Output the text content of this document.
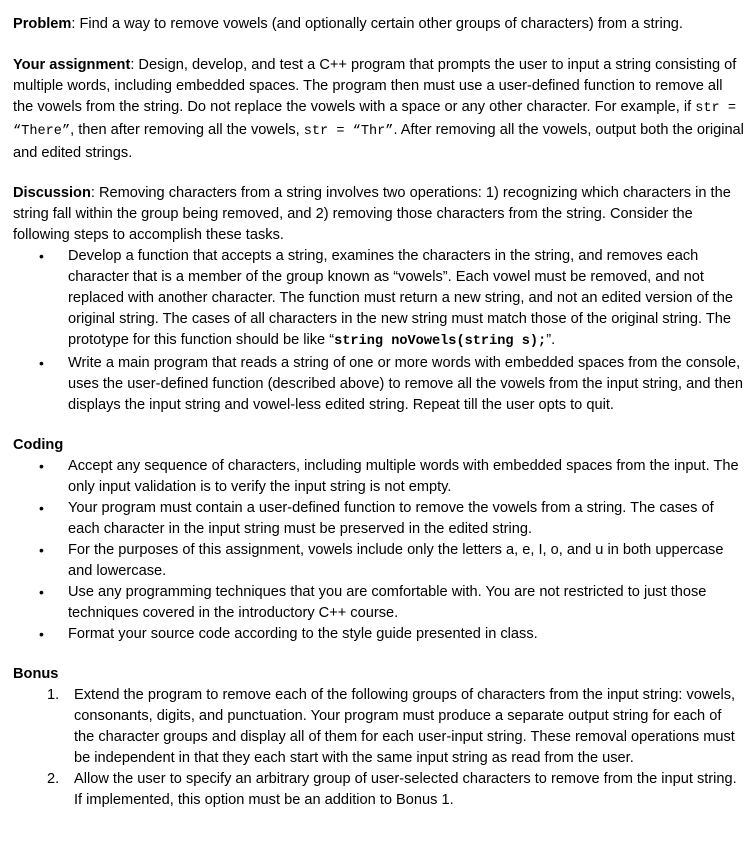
Problem: Find a way to remove vowels (and optionally certain other groups of characters) from a string.

Your assignment: Design, develop, and test a C++ program that prompts the user to input a string consisting of multiple words, including embedded spaces. The program then must use a user-defined function to remove all the vowels from the string. Do not replace the vowels with a space or any other character. For example, if str = “There”, then after removing all the vowels, str = “Thr”. After removing all the vowels, output both the original and edited strings.

Discussion: Removing characters from a string involves two operations: 1) recognizing which characters in the string fall within the group being removed, and 2) removing those characters from the string. Consider the following steps to accomplish these tasks.

• Develop a function that accepts a string, examines the characters in the string, and removes each character that is a member of the group known as “vowels”. Each vowel must be removed, and not replaced with another character. The function must return a new string, and not an edited version of the original string. The cases of all characters in the new string must match those of the original string. The prototype for this function should be like “string noVowels(string s);”.
• Write a main program that reads a string of one or more words with embedded spaces from the console, uses the user-defined function (described above) to remove all the vowels from the input string, and then displays the input string and vowel-less edited string. Repeat till the user opts to quit.

Coding

• Accept any sequence of characters, including multiple words with embedded spaces from the input. The only input validation is to verify the input string is not empty.
• Your program must contain a user-defined function to remove the vowels from a string. The cases of each character in the input string must be preserved in the edited string.
• For the purposes of this assignment, vowels include only the letters a, e, I, o, and u in both uppercase and lowercase.
• Use any programming techniques that you are comfortable with. You are not restricted to just those techniques covered in the introductory C++ course.
• Format your source code according to the style guide presented in class.

Bonus

1. Extend the program to remove each of the following groups of characters from the input string: vowels, consonants, digits, and punctuation. Your program must produce a separate output string for each of the character groups and display all of them for each user-input string. These removal operations must be independent in that they each start with the same input string as read from the user.
2. Allow the user to specify an arbitrary group of user-selected characters to remove from the input string. If implemented, this option must be an addition to Bonus 1.
